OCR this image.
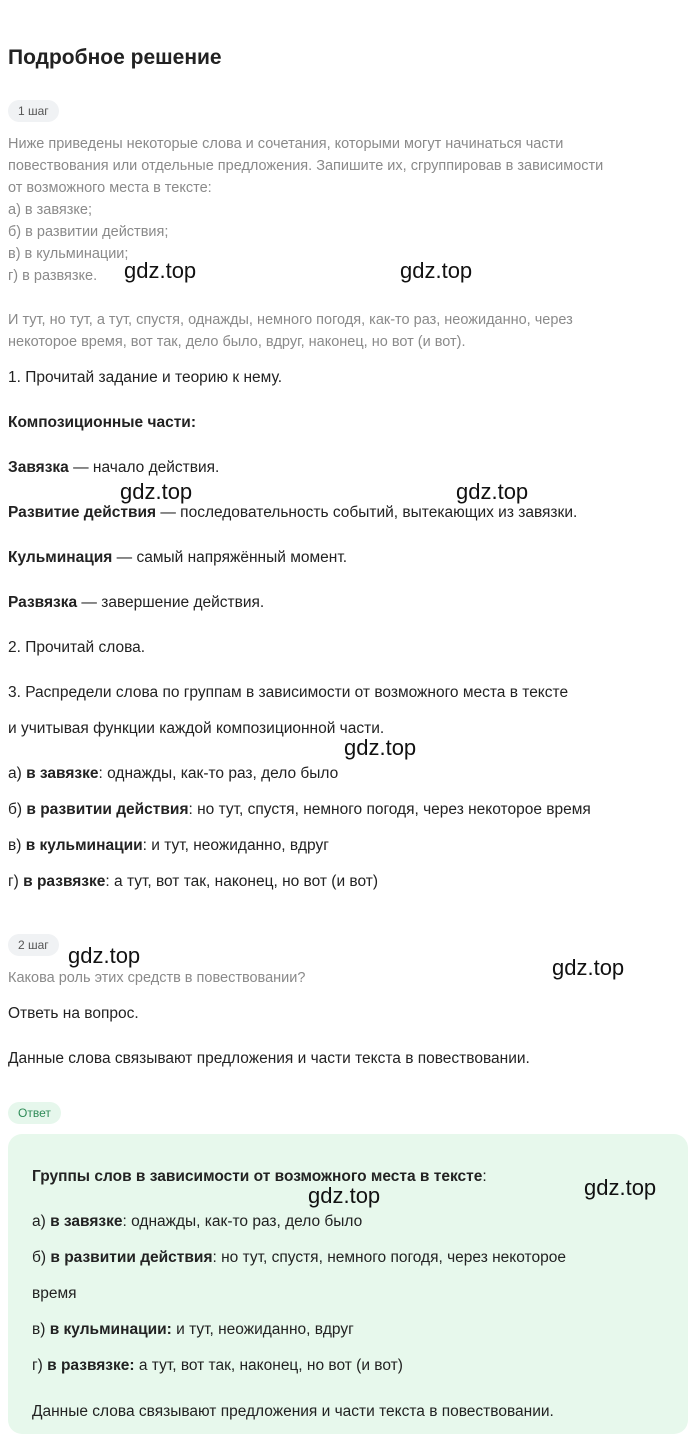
Подробное решение
1 шаг
Ниже приведены некоторые слова и сочетания, которыми могут начинаться части
повествования или отдельные предложения. Запишите их, сгруппировав в зависимости
от возможного места в тексте:
а) в завязке;
б) в развитии действия;
в) в кульминации;
г) в развязке.
И тут, но тут, а тут, спустя, однажды, немного погодя, как-то раз, неожиданно, через
некоторое время, вот так, дело было, вдруг, наконец, но вот (и вот).
1. Прочитай задание и теорию к нему.
Композиционные части:
Завязка — начало действия.
Развитие действия — последовательность событий, вытекающих из завязки.
Кульминация — самый напряжённый момент.
Развязка — завершение действия.
2. Прочитай слова.
3. Распредели слова по группам в зависимости от возможного места в тексте
и учитывая функции каждой композиционной части.
а) в завязке: однажды, как-то раз, дело было
б) в развитии действия: но тут, спустя, немного погодя, через некоторое время
в) в кульминации: и тут, неожиданно, вдруг
г) в развязке: а тут, вот так, наконец, но вот (и вот)
2 шаг
Какова роль этих средств в повествовании?
Ответь на вопрос.
Данные слова связывают предложения и части текста в повествовании.
Ответ
Группы слов в зависимости от возможного места в тексте:
а) в завязке: однажды, как-то раз, дело было
б) в развитии действия: но тут, спустя, немного погодя, через некоторое
время
в) в кульминации: и тут, неожиданно, вдруг
г) в развязке: а тут, вот так, наконец, но вот (и вот)
Данные слова связывают предложения и части текста в повествовании.
gdz.top	gdz.top
gdz.top	gdz.top
gdz.top
gdz.top	gdz.top
gdz.top	gdz.top
